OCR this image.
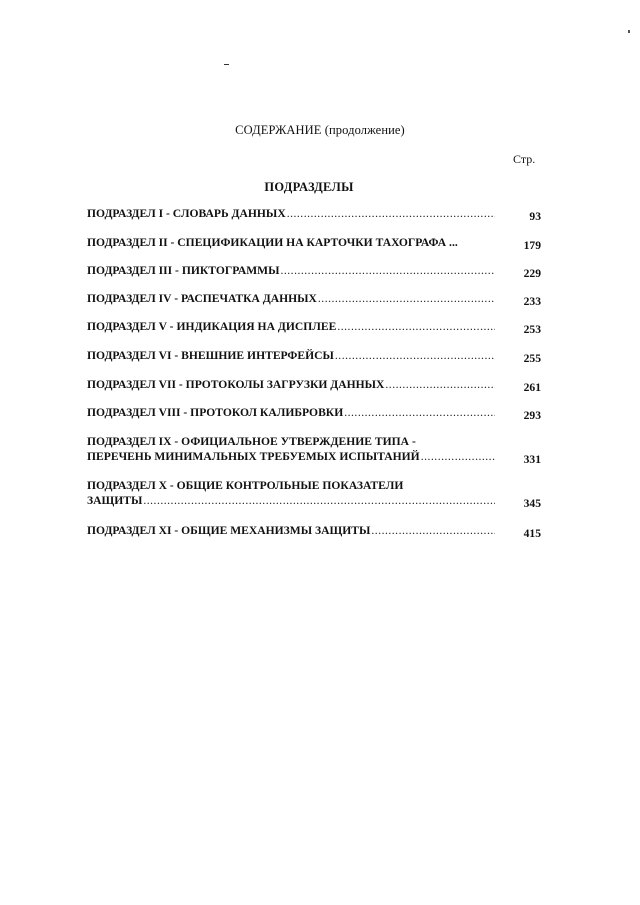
СОДЕРЖАНИЕ (продолжение)
Стр.
ПОДРАЗДЕЛЫ
ПОДРАЗДЕЛ I - СЛОВАРЬ ДАННЫХ .....	93
ПОДРАЗДЕЛ II - СПЕЦИФИКАЦИИ НА КАРТОЧКИ ТАХОГРАФА ...	179
ПОДРАЗДЕЛ III - ПИКТОГРАММЫ .....	229
ПОДРАЗДЕЛ IV - РАСПЕЧАТКА ДАННЫХ .....	233
ПОДРАЗДЕЛ V - ИНДИКАЦИЯ НА ДИСПЛЕЕ .....	253
ПОДРАЗДЕЛ VI - ВНЕШНИЕ ИНТЕРФЕЙСЫ .....	255
ПОДРАЗДЕЛ VII - ПРОТОКОЛЫ ЗАГРУЗКИ ДАННЫХ .....	261
ПОДРАЗДЕЛ VIII - ПРОТОКОЛ КАЛИБРОВКИ .....	293
ПОДРАЗДЕЛ IX - ОФИЦИАЛЬНОЕ УТВЕРЖДЕНИЕ ТИПА -
ПЕРЕЧЕНЬ МИНИМАЛЬНЫХ ТРЕБУЕМЫХ ИСПЫТАНИЙ .....	331
ПОДРАЗДЕЛ X - ОБЩИЕ КОНТРОЛЬНЫЕ ПОКАЗАТЕЛИ
ЗАЩИТЫ .....	345
ПОДРАЗДЕЛ XI - ОБЩИЕ МЕХАНИЗМЫ ЗАЩИТЫ .....	415
